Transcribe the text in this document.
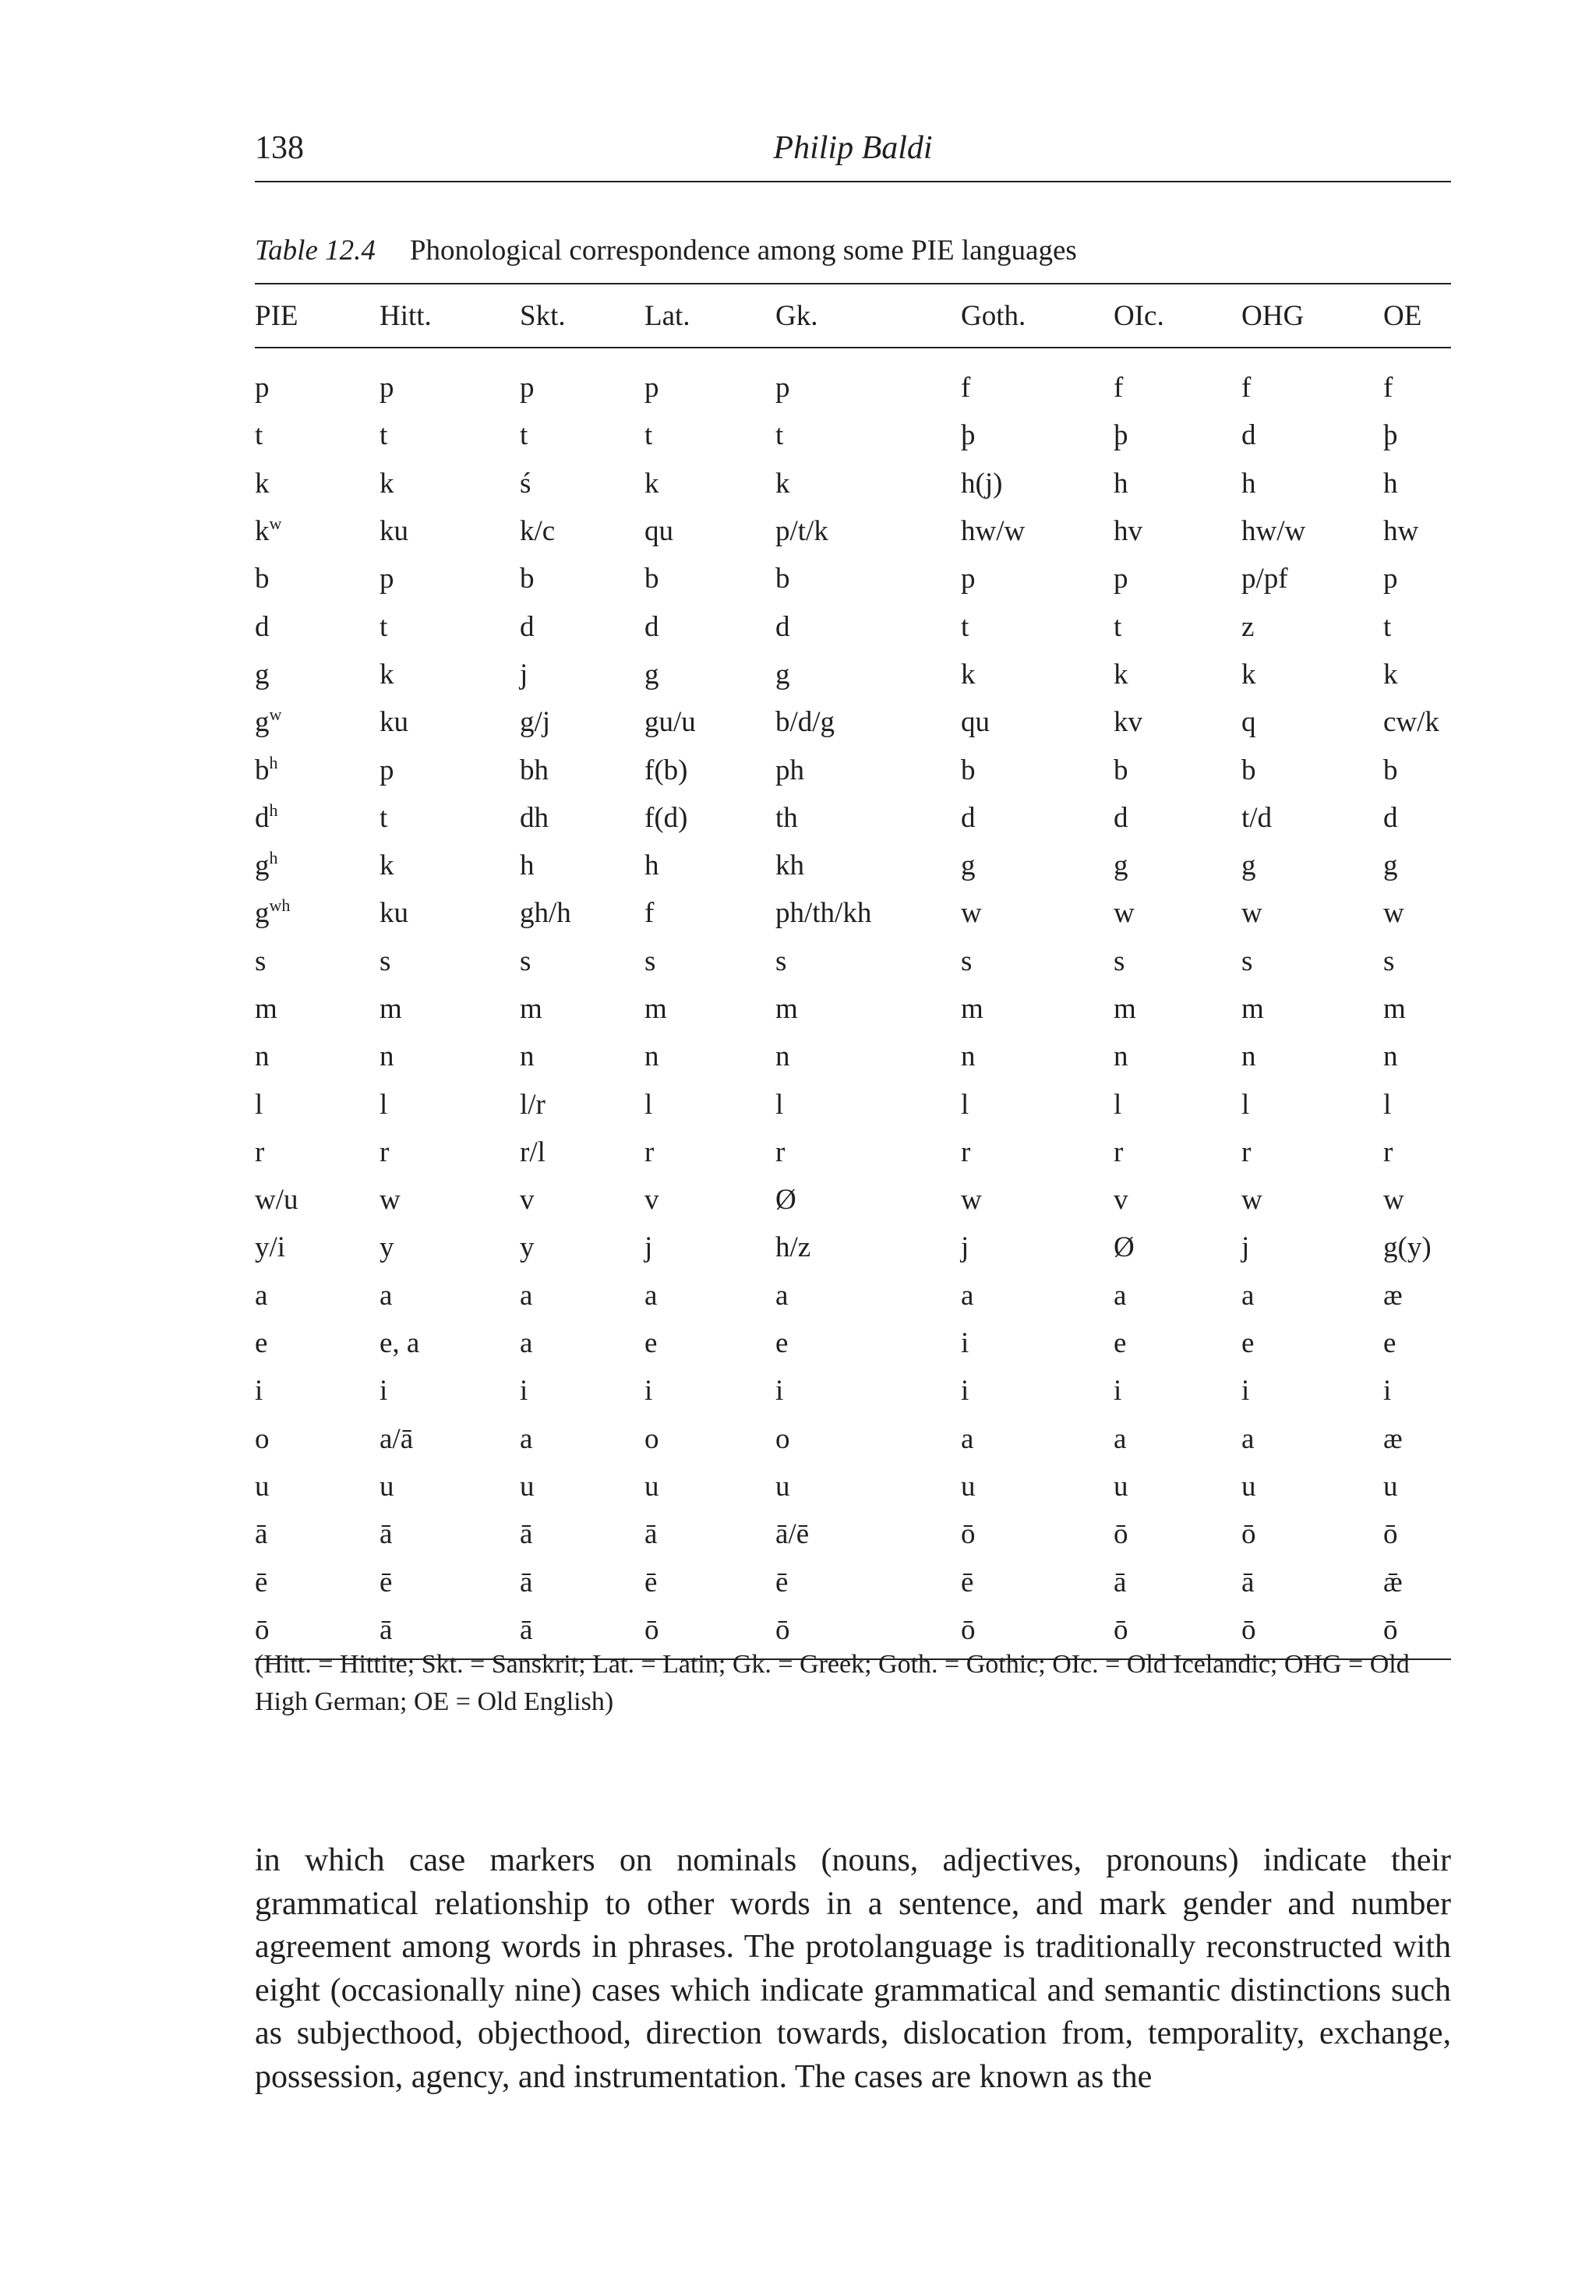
138	Philip Baldi
Table 12.4 Phonological correspondence among some PIE languages
PIE	Hitt.	Skt.	Lat.	Gk.	Goth.	OIc.	OHG	OE
p	p	p	p	p	f	f	f	f
t	t	t	t	t	þ	þ	d	þ
k	k	ś	k	k	h(j)	h	h	h
$k^w$	ku	k/c	qu	p/t/k	hw/w	hv	hw/w	hw
b	p	b	b	b	p	p	p/pf	p
d	t	d	d	d	t	t	z	t
g	k	j	g	g	k	k	k	k
$g^w$	ku	g/j	gu/u	b/d/g	qu	kv	q	cw/k
$b^h$	p	bh	f(b)	ph	b	b	b	b
$d^h$	t	dh	f(d)	th	d	d	t/d	d
$g^h$	k	h	h	kh	g	g	g	g
$g^{wh}$	ku	gh/h	f	ph/th/kh	w	w	w	w
s	s	s	s	s	s	s	s	s
m	m	m	m	m	m	m	m	m
n	n	n	n	n	n	n	n	n
l	l	l/r	l	l	l	l	l	l
r	r	r/l	r	r	r	r	r	r
w/u	w	v	v	Ø	w	v	w	w
y/i	y	y	j	h/z	j	Ø	j	g(y)
a	a	a	a	a	a	a	a	æ
e	e, a	a	e	e	i	e	e	e
i	i	i	i	i	i	i	i	i
o	a/ā	a	o	o	a	a	a	æ
u	u	u	u	u	u	u	u	u
ā	ā	ā	ā	ā/ē	ō	ō	ō	ō
ē	ē	ā	ē	ē	ē	ā	ā	ǣ
ō	ā	ā	ō	ō	ō	ō	ō	ō
(Hitt. = Hittite; Skt. = Sanskrit; Lat. = Latin; Gk. = Greek; Goth. = Gothic; OIc. = Old Icelandic; OHG = Old High German; OE = Old English)

in which case markers on nominals (nouns, adjectives, pronouns) indicate their grammatical relationship to other words in a sentence, and mark gender and number agreement among words in phrases. The protolanguage is traditionally reconstructed with eight (occasionally nine) cases which indicate grammatical and semantic distinctions such as subjecthood, objecthood, direction towards, dislocation from, temporality, exchange, possession, agency, and instrumentation. The cases are known as the
